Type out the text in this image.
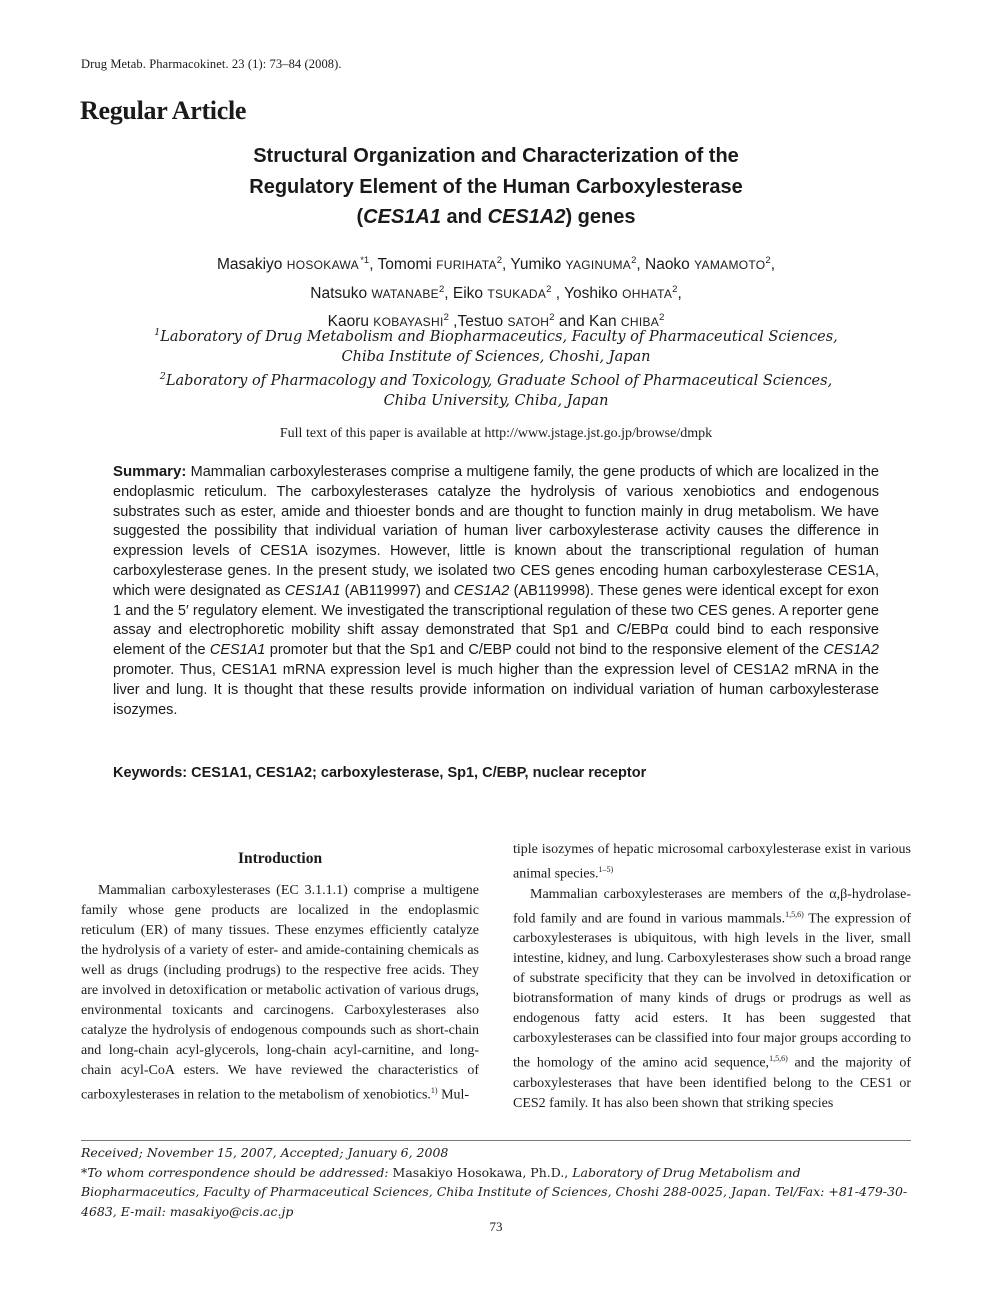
Drug Metab. Pharmacokinet. 23 (1): 73–84 (2008).
Regular Article
Structural Organization and Characterization of the
Regulatory Element of the Human Carboxylesterase
(CES1A1 and CES1A2) genes
Masakiyo HOSOKAWA $^{*1}$, Tomomi FURIHATA$^2$, Yumiko YAGINUMA$^2$, Naoko YAMAMOTO$^2$,
Natsuko WATANABE$^2$, Eiko TSUKADA$^2$ , Yoshiko OHHATA$^2$,
Kaoru KOBAYASHI$^2$ ,Testuo SATOH$^2$ and Kan CHIBA$^2$
$^1$Laboratory of Drug Metabolism and Biopharmaceutics, Faculty of Pharmaceutical Sciences,
Chiba Institute of Sciences, Choshi, Japan
$^2$Laboratory of Pharmacology and Toxicology, Graduate School of Pharmaceutical Sciences,
Chiba University, Chiba, Japan
Full text of this paper is available at http://www.jstage.jst.go.jp/browse/dmpk
Summary: Mammalian carboxylesterases comprise a multigene family, the gene products of which are localized in the endoplasmic reticulum. The carboxylesterases catalyze the hydrolysis of various xenobiotics and endogenous substrates such as ester, amide and thioester bonds and are thought to function mainly in drug metabolism. We have suggested the possibility that individual variation of human liver carboxylesterase activity causes the difference in expression levels of CES1A isozymes. However, little is known about the transcriptional regulation of human carboxylesterase genes. In the present study, we isolated two CES genes encoding human carboxylesterase CES1A, which were designated as CES1A1 (AB119997) and CES1A2 (AB119998). These genes were identical except for exon 1 and the 5′ regulatory element. We investigated the transcriptional regulation of these two CES genes. A reporter gene assay and electrophoretic mobility shift assay demonstrated that Sp1 and C/EBPα could bind to each responsive element of the CES1A1 promoter but that the Sp1 and C/EBP could not bind to the responsive element of the CES1A2 promoter. Thus, CES1A1 mRNA expression level is much higher than the expression level of CES1A2 mRNA in the liver and lung. It is thought that these results provide information on individual variation of human carboxylesterase isozymes.
Keywords: CES1A1, CES1A2; carboxylesterase, Sp1, C/EBP, nuclear receptor
Introduction

Mammalian carboxylesterases (EC 3.1.1.1) comprise a multigene family whose gene products are localized in the endoplasmic reticulum (ER) of many tissues. These enzymes efficiently catalyze the hydrolysis of a variety of ester- and amide-containing chemicals as well as drugs (including prodrugs) to the respective free acids. They are involved in detoxification or metabolic activation of various drugs, environmental toxicants and carcinogens. Carboxylesterases also catalyze the hydrolysis of endogenous compounds such as short-chain and long-chain acyl-glycerols, long-chain acyl-carnitine, and long-chain acyl-CoA esters. We have reviewed the characteristics of carboxylesterases in relation to the metabolism of xenobiotics.$^{1)}$ Mul-

tiple isozymes of hepatic microsomal carboxylesterase exist in various animal species.$^{1-5)}$

Mammalian carboxylesterases are members of the α,β-hydrolase-fold family and are found in various mammals.$^{1,5,6)}$ The expression of carboxylesterases is ubiquitous, with high levels in the liver, small intestine, kidney, and lung. Carboxylesterases show such a broad range of substrate specificity that they can be involved in detoxification or biotransformation of many kinds of drugs or prodrugs as well as endogenous fatty acid esters. It has been suggested that carboxylesterases can be classified into four major groups according to the homology of the amino acid sequence,$^{1,5,6)}$ and the majority of carboxylesterases that have been identified belong to the CES1 or CES2 family. It has also been shown that striking species

Received; November 15, 2007, Accepted; January 6, 2008
*To whom correspondence should be addressed: Masakiyo Hosokawa, Ph.D., Laboratory of Drug Metabolism and Biopharmaceutics, Faculty of Pharmaceutical Sciences, Chiba Institute of Sciences, Choshi 288-0025, Japan. Tel/Fax: +81-479-30-4683, E-mail: masakiyo@cis.ac.jp
73
